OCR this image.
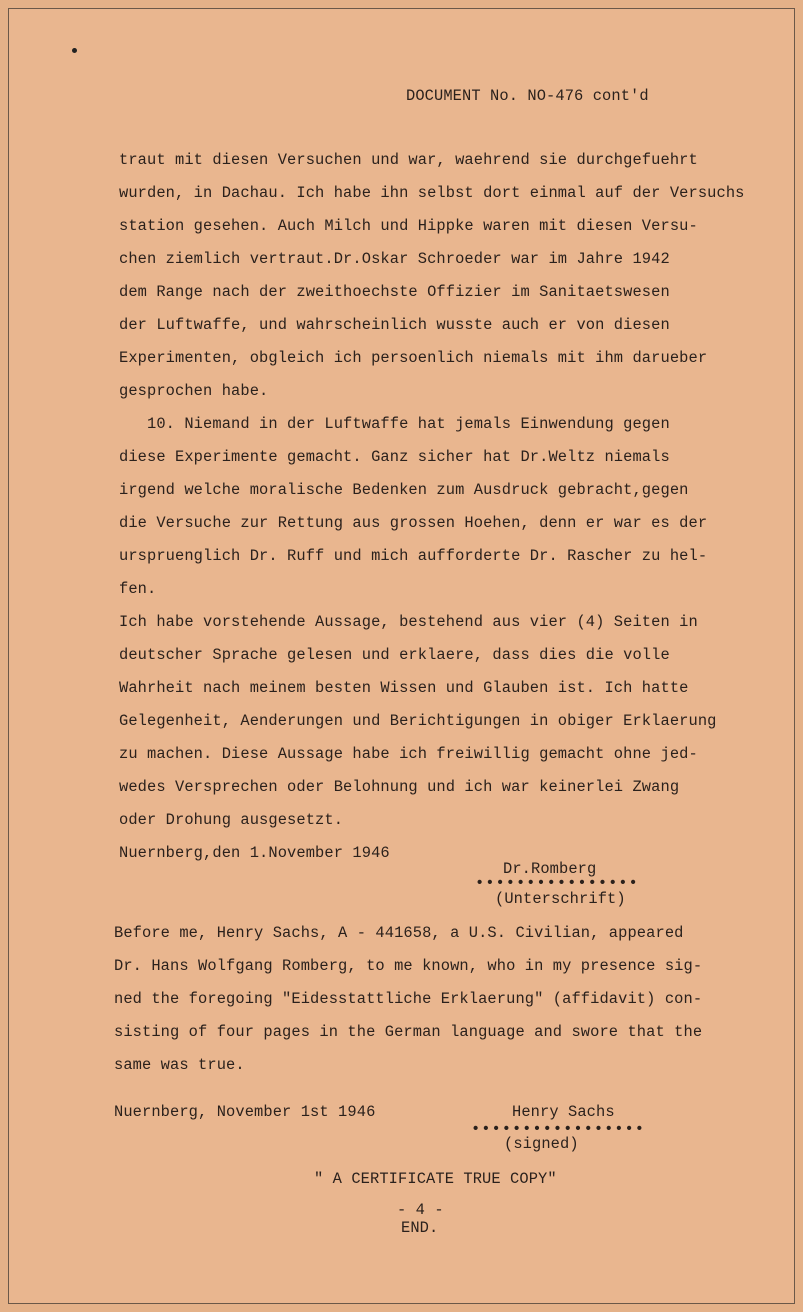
DOCUMENT No. NO-476 cont'd
traut mit diesen Versuchen und war, waehrend sie durchgefuehrt
wurden, in Dachau. Ich habe ihn selbst dort einmal auf der Versuchs
station gesehen. Auch Milch und Hippke waren mit diesen Versu-
chen ziemlich vertraut.Dr.Oskar Schroeder war im Jahre 1942
dem Range nach der zweithoechste Offizier im Sanitaetswesen
der Luftwaffe, und wahrscheinlich wusste auch er von diesen
Experimenten, obgleich ich persoenlich niemals mit ihm darueber
gesprochen habe.
10. Niemand in der Luftwaffe hat jemals Einwendung gegen
diese Experimente gemacht. Ganz sicher hat Dr.Weltz niemals
irgend welche moralische Bedenken zum Ausdruck gebracht,gegen
die Versuche zur Rettung aus grossen Hoehen, denn er war es der
urspruenglich Dr. Ruff und mich aufforderte Dr. Rascher zu hel-
fen.
Ich habe vorstehende Aussage, bestehend aus vier (4) Seiten in
deutscher Sprache gelesen und erklaere, dass dies die volle
Wahrheit nach meinem besten Wissen und Glauben ist. Ich hatte
Gelegenheit, Aenderungen und Berichtigungen in obiger Erklaerung
zu machen. Diese Aussage habe ich freiwillig gemacht ohne jed-
wedes Versprechen oder Belohnung und ich war keinerlei Zwang
oder Drohung ausgesetzt.
Nuernberg,den 1.November 1946
Dr.Romberg
••••••••••••••••
(Unterschrift)
Before me, Henry Sachs, A - 441658, a U.S. Civilian, appeared
Dr. Hans Wolfgang Romberg, to me known, who in my presence sig-
ned the foregoing "Eidesstattliche Erklaerung" (affidavit) con-
sisting of four pages in the German language and swore that the
same was true.
Nuernberg, November 1st 1946	Henry Sachs
•••••••••••••••••
(signed)
" A CERTIFICATE TRUE COPY"
- 4 -
END.
